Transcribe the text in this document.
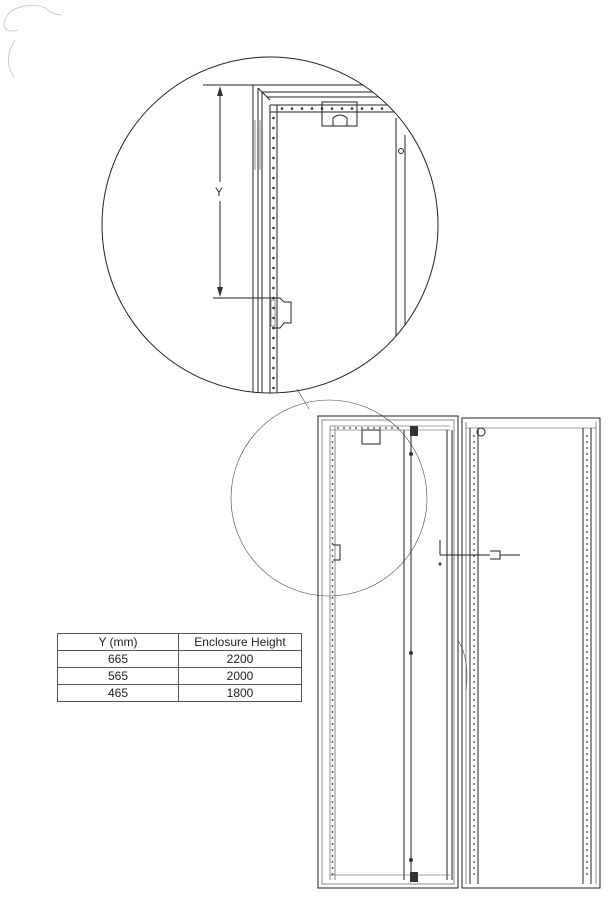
Y
Y (mm)	Enclosure Height
665	2200
565	2000
465	1800
